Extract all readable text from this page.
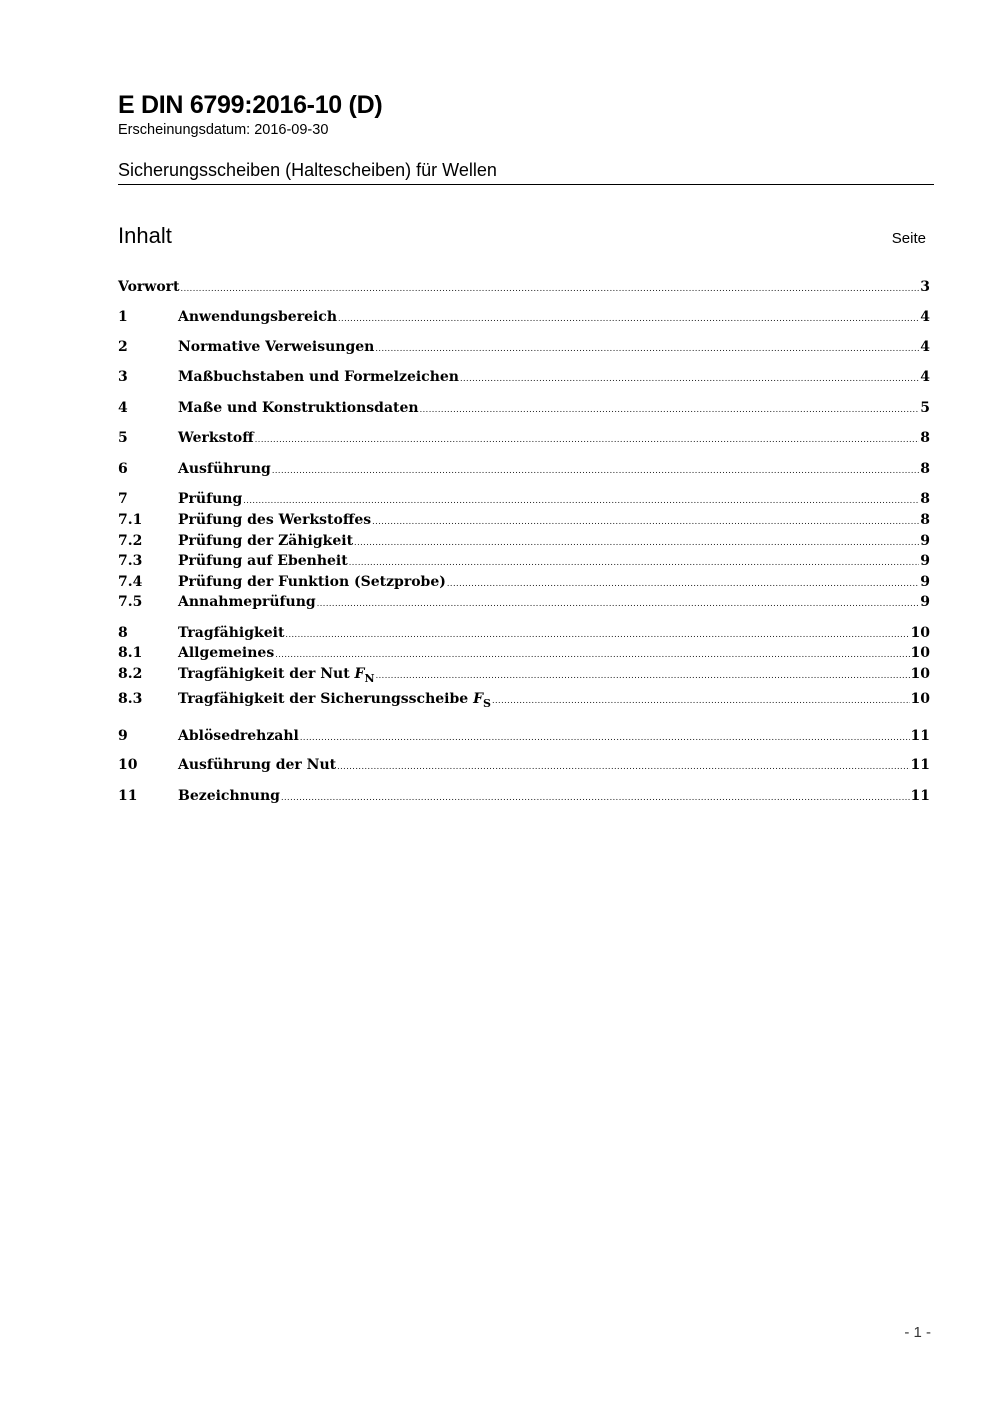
E DIN 6799:2016-10 (D)
Erscheinungsdatum: 2016-09-30
Sicherungsscheiben (Haltescheiben) für Wellen
Inhalt	Seite
Vorwort .....	3
1	Anwendungsbereich .....	4
2	Normative Verweisungen .....	4
3	Maßbuchstaben und Formelzeichen .....	4
4	Maße und Konstruktionsdaten .....	5
5	Werkstoff .....	8
6	Ausführung .....	8
7	Prüfung .....	8
7.1	Prüfung des Werkstoffes .....	8
7.2	Prüfung der Zähigkeit .....	9
7.3	Prüfung auf Ebenheit .....	9
7.4	Prüfung der Funktion (Setzprobe) .....	9
7.5	Annahmeprüfung .....	9
8	Tragfähigkeit .....	10
8.1	Allgemeines .....	10
8.2	Tragfähigkeit der Nut $F_N$ .....	10
8.3	Tragfähigkeit der Sicherungsscheibe $F_S$ .....	10
9	Ablösedrehzahl .....	11
10	Ausführung der Nut .....	11
11	Bezeichnung .....	11
- 1 -
